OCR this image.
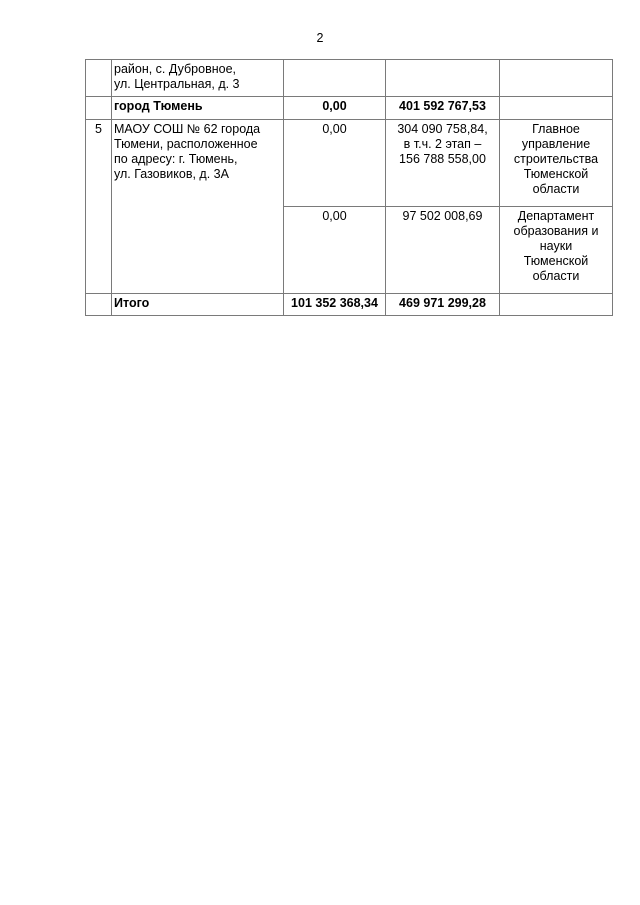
2
	район, с. Дубровное,
ул. Центральная, д. 3			
	город Тюмень	0,00	401 592 767,53	
5	МАОУ СОШ № 62 города
Тюмени, расположенное
по адресу: г. Тюмень,
ул. Газовиков, д. 3А	0,00	304 090 758,84,
в т.ч. 2 этап –
156 788 558,00	Главное
управление
строительства
Тюменской
области
		0,00	97 502 008,69	Департамент
образования и
науки
Тюменской
области
	Итого	101 352 368,34	469 971 299,28	
